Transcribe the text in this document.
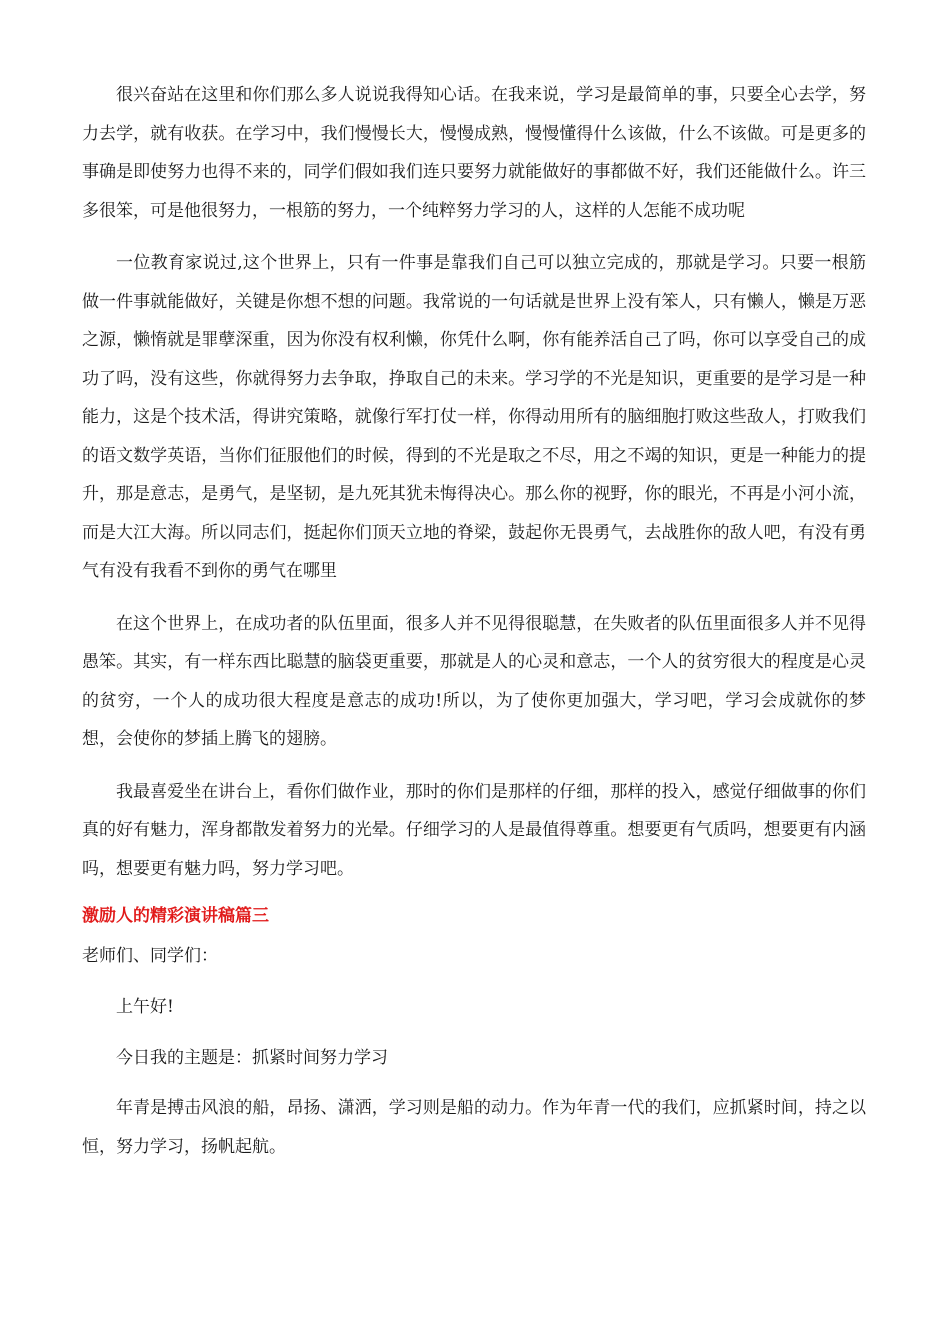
很兴奋站在这里和你们那么多人说说我得知心话。在我来说，学习是最简单的事，只要全心去学，努力去学，就有收获。在学习中，我们慢慢长大，慢慢成熟，慢慢懂得什么该做，什么不该做。可是更多的事确是即使努力也得不来的，同学们假如我们连只要努力就能做好的事都做不好，我们还能做什么。许三多很笨，可是他很努力，一根筋的努力，一个纯粹努力学习的人，这样的人怎能不成功呢

一位教育家说过,这个世界上，只有一件事是靠我们自己可以独立完成的，那就是学习。只要一根筋做一件事就能做好，关键是你想不想的问题。我常说的一句话就是世界上没有笨人，只有懒人，懒是万恶之源，懒惰就是罪孽深重，因为你没有权利懒，你凭什么啊，你有能养活自己了吗，你可以享受自己的成功了吗，没有这些，你就得努力去争取，挣取自己的未来。学习学的不光是知识，更重要的是学习是一种能力，这是个技术活，得讲究策略，就像行军打仗一样，你得动用所有的脑细胞打败这些敌人，打败我们的语文数学英语，当你们征服他们的时候，得到的不光是取之不尽，用之不竭的知识，更是一种能力的提升，那是意志，是勇气，是坚韧，是九死其犹未悔得决心。那么你的视野，你的眼光，不再是小河小流，而是大江大海。所以同志们，挺起你们顶天立地的脊梁，鼓起你无畏勇气，去战胜你的敌人吧，有没有勇气有没有我看不到你的勇气在哪里

在这个世界上，在成功者的队伍里面，很多人并不见得很聪慧，在失败者的队伍里面很多人并不见得愚笨。其实，有一样东西比聪慧的脑袋更重要，那就是人的心灵和意志，一个人的贫穷很大的程度是心灵的贫穷，一个人的成功很大程度是意志的成功!所以，为了使你更加强大，学习吧，学习会成就你的梦想，会使你的梦插上腾飞的翅膀。

我最喜爱坐在讲台上，看你们做作业，那时的你们是那样的仔细，那样的投入，感觉仔细做事的你们真的好有魅力，浑身都散发着努力的光晕。仔细学习的人是最值得尊重。想要更有气质吗，想要更有内涵吗，想要更有魅力吗，努力学习吧。

激励人的精彩演讲稿篇三

老师们、同学们：

上午好!

今日我的主题是：抓紧时间努力学习

年青是搏击风浪的船，昂扬、潇洒，学习则是船的动力。作为年青一代的我们，应抓紧时间，持之以恒，努力学习，扬帆起航。
